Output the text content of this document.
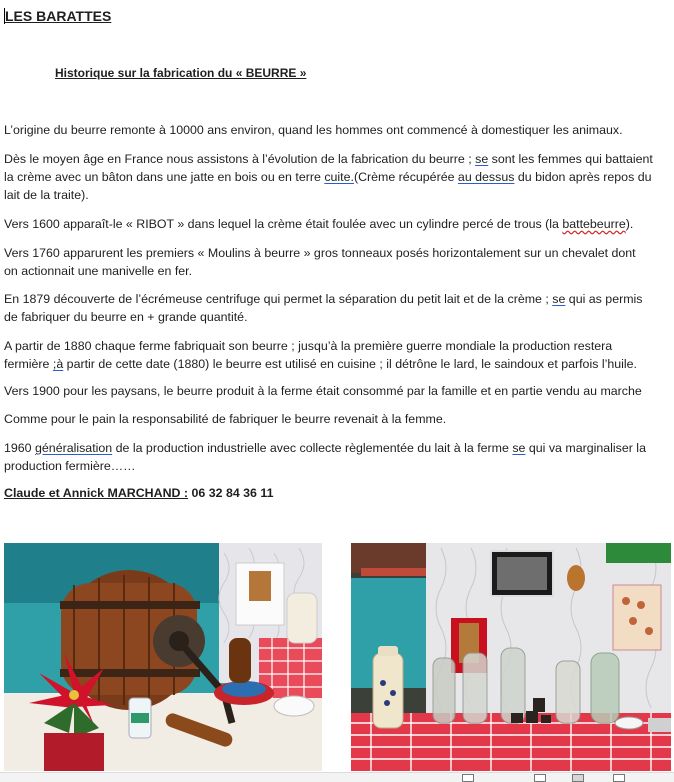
LES BARATTES
Historique sur la fabrication du « BEURRE »
L’origine du beurre remonte à 10000 ans environ, quand les hommes ont commencé à domestiquer les animaux.
Dès le moyen âge en France nous assistons à l’évolution de la fabrication du beurre ; se sont les femmes qui battaient
la crème avec un bâton dans une jatte en bois ou en terre cuite.(Crème récupérée au dessus du bidon après repos du
lait de la traite).
Vers 1600 apparaît-le « RIBOT » dans lequel la crème était foulée avec un cylindre percé de trous (la battebeurre).
Vers 1760 apparurent les premiers « Moulins à beurre » gros tonneaux posés horizontalement sur un chevalet dont
on actionnait une manivelle en fer.
En 1879 découverte de l’écrémeuse centrifuge qui permet la séparation du petit lait et de la crème ; se qui as permis
de fabriquer du beurre en + grande quantité.
A partir de 1880 chaque ferme fabriquait son beurre ; jusqu’à la première guerre mondiale la production restera
fermière ;à partir de cette date (1880) le beurre est utilisé en cuisine ; il détrône le lard, le saindoux et parfois l’huile.
Vers 1900 pour les paysans, le beurre produit à la ferme était consommé par la famille et en partie vendu au marche
Comme pour le pain la responsabilité de fabriquer le beurre revenait à la femme.
1960 généralisation de la production industrielle avec collecte règlementée du lait à la ferme se qui va marginaliser la
production fermière……
Claude et Annick MARCHAND : 06 32 84 36 11
